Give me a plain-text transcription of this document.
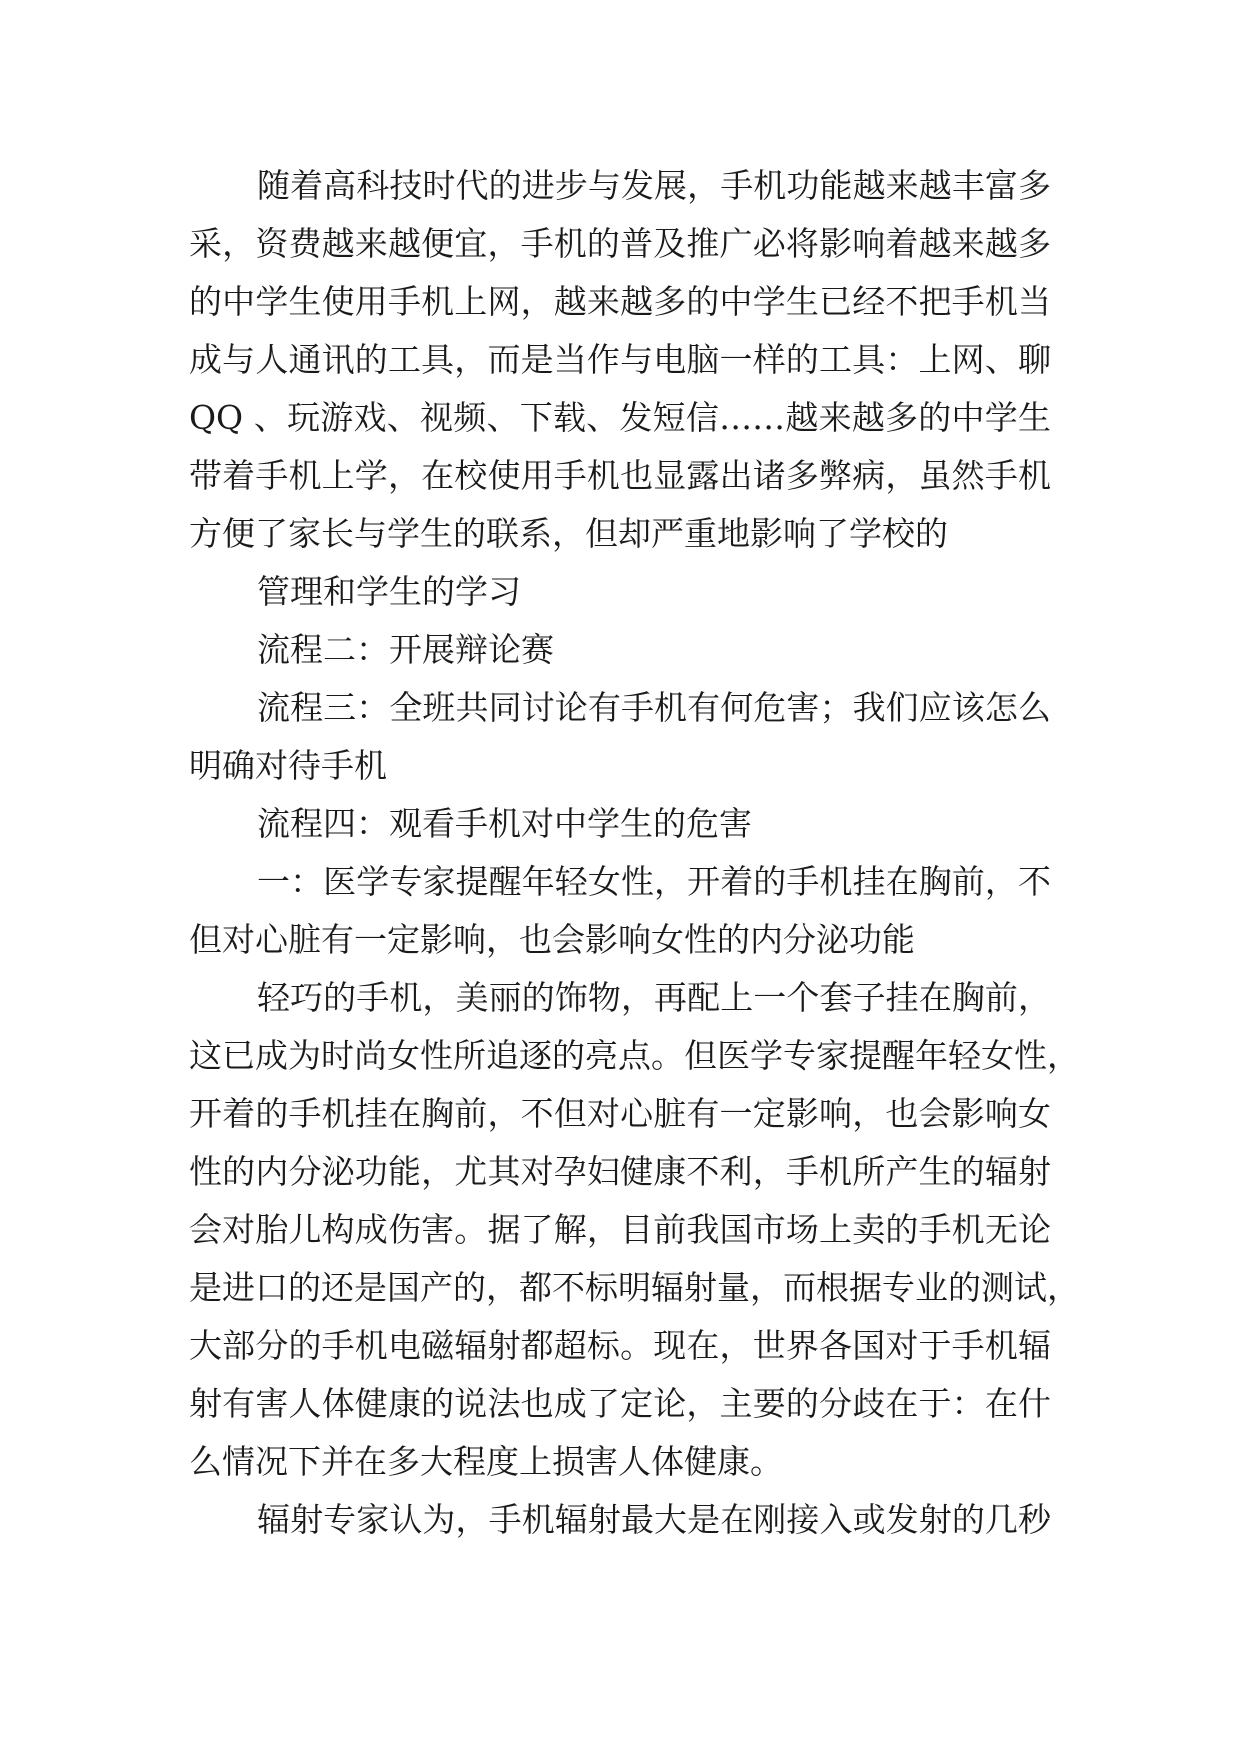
随着高科技时代的进步与发展，手机功能越来越丰富多
采，资费越来越便宜，手机的普及推广必将影响着越来越多
的中学生使用手机上网，越来越多的中学生已经不把手机当
成与人通讯的工具，而是当作与电脑一样的工具：上网、聊
QQ 、玩游戏、视频、下载、发短信……越来越多的中学生
带着手机上学，在校使用手机也显露出诸多弊病，虽然手机
方便了家长与学生的联系，但却严重地影响了学校的
管理和学生的学习
流程二：开展辩论赛
流程三：全班共同讨论有手机有何危害；我们应该怎么
明确对待手机
流程四：观看手机对中学生的危害
一：医学专家提醒年轻女性，开着的手机挂在胸前，不
但对心脏有一定影响，也会影响女性的内分泌功能
轻巧的手机，美丽的饰物，再配上一个套子挂在胸前，
这已成为时尚女性所追逐的亮点。但医学专家提醒年轻女性，
开着的手机挂在胸前，不但对心脏有一定影响，也会影响女
性的内分泌功能，尤其对孕妇健康不利，手机所产生的辐射
会对胎儿构成伤害。据了解，目前我国市场上卖的手机无论
是进口的还是国产的，都不标明辐射量，而根据专业的测试，
大部分的手机电磁辐射都超标。现在，世界各国对于手机辐
射有害人体健康的说法也成了定论，主要的分歧在于：在什
么情况下并在多大程度上损害人体健康。
辐射专家认为，手机辐射最大是在刚接入或发射的几秒
